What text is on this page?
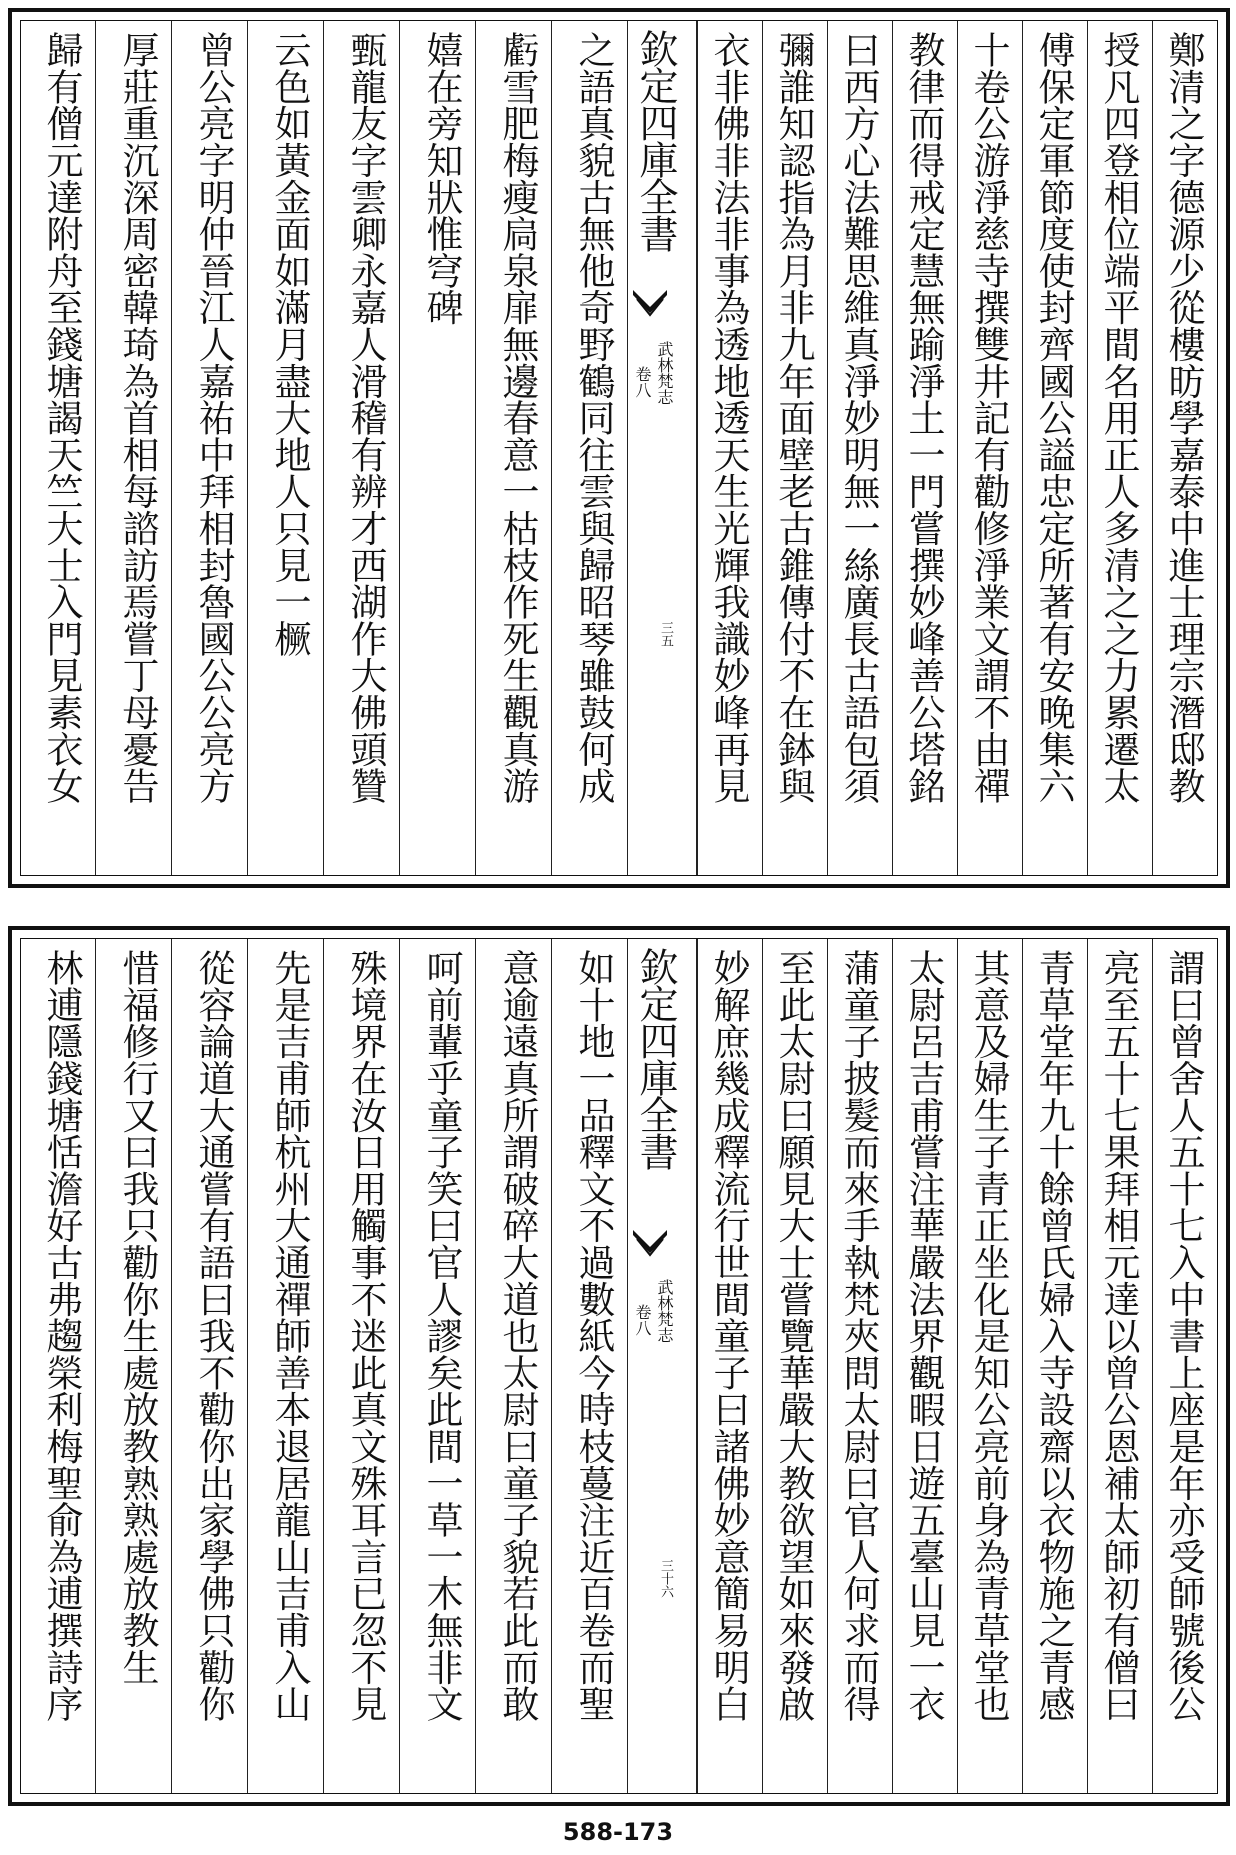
鄭清之字德源少從樓昉學嘉泰中進士理宗潛邸教
授凡四登相位端平間名用正人多清之之力累遷太
傅保定軍節度使封齊國公謚忠定所著有安晚集六
十卷公游淨慈寺撰雙井記有勸修淨業文謂不由禪
教律而得戒定慧無踰淨土一門嘗撰妙峰善公塔銘
曰西方心法難思維真淨妙明無一絲廣長古語包須
彌誰知認指為月非九年面壁老古錐傳付不在鉢與
衣非佛非法非事為透地透天生光輝我識妙峰再見
欽定四庫全書
卷八 武林梵志
三五
之語真貌古無他奇野鶴同往雲與歸昭琴雖鼓何成
虧雪肥梅瘦扃泉扉無邊春意一枯枝作死生觀真游
嬉在旁知狀惟穹碑
甄龍友字雲卿永嘉人滑稽有辨才西湖作大佛頭贊
云色如黃金面如滿月盡大地人只見一橛
曾公亮字明仲晉江人嘉祐中拜相封魯國公公亮方
厚莊重沉深周密韓琦為首相每諮訪焉嘗丁母憂告
歸有僧元達附舟至錢塘謁天竺大士入門見素衣女
謂曰曾舍人五十七入中書上座是年亦受師號後公
亮至五十七果拜相元達以曾公恩補太師初有僧曰
青草堂年九十餘曾氏婦入寺設齋以衣物施之青感
其意及婦生子青正坐化是知公亮前身為青草堂也
太尉呂吉甫嘗注華嚴法界觀暇日遊五臺山見一衣
蒲童子披髮而來手執梵夾問太尉曰官人何求而得
至此太尉曰願見大士嘗覽華嚴大教欲望如來發啟
妙解庶幾成釋流行世間童子曰諸佛妙意簡易明白
欽定四庫全書
卷八 武林梵志
三十六
如十地一品釋文不過數紙今時枝蔓注近百卷而聖
意逾遠真所謂破碎大道也太尉曰童子貌若此而敢
呵前輩乎童子笑曰官人謬矣此間一草一木無非文
殊境界在汝日用觸事不迷此真文殊耳言已忽不見
先是吉甫師杭州大通禪師善本退居龍山吉甫入山
從容論道大通嘗有語曰我不勸你出家學佛只勸你
惜福修行又曰我只勸你生處放教熟熟處放教生
林逋隱錢塘恬澹好古弗趨榮利梅聖俞為逋撰詩序
588-173
